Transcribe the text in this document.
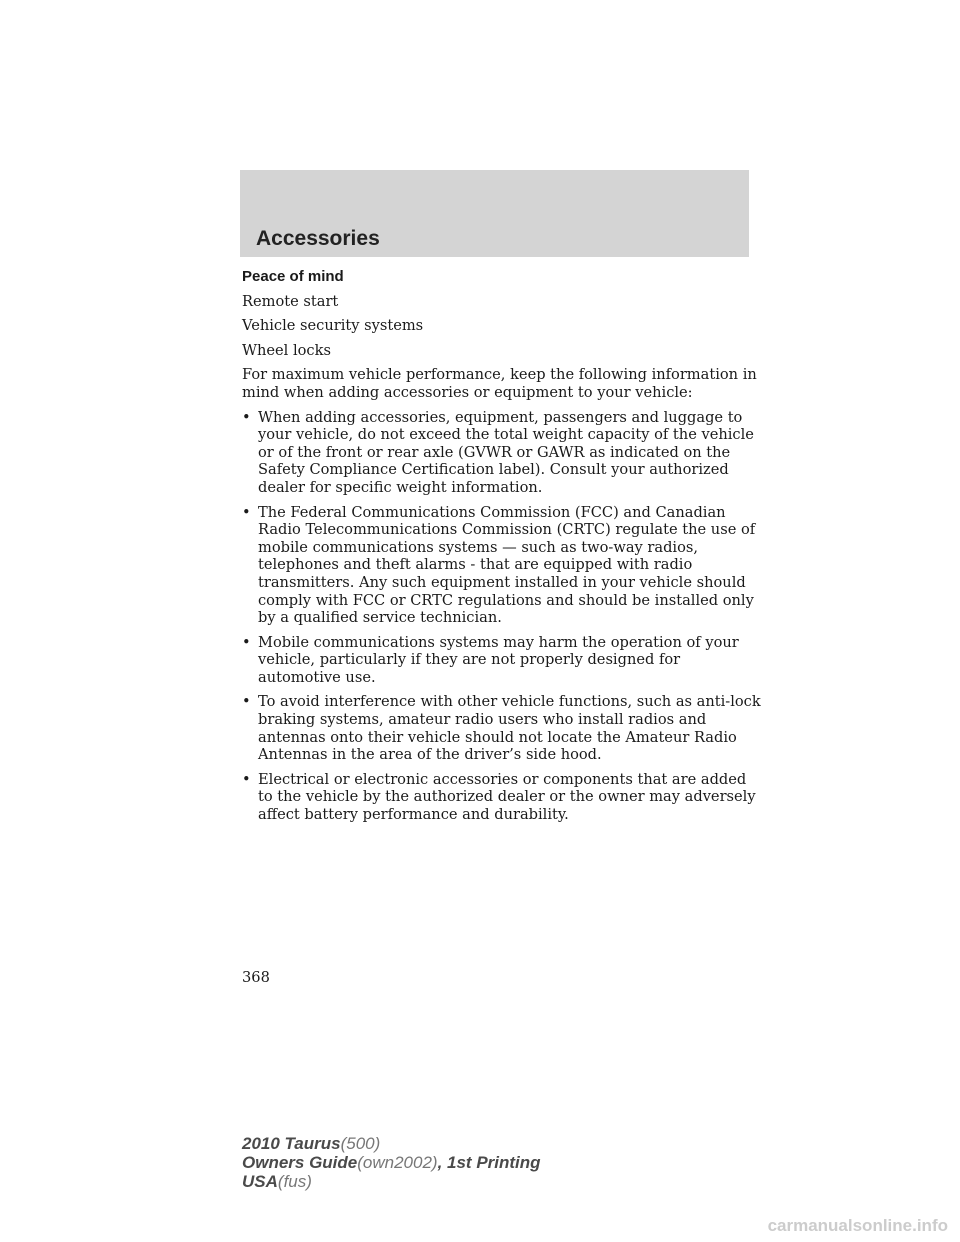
Accessories
Peace of mind
Remote start
Vehicle security systems
Wheel locks
For maximum vehicle performance, keep the following information in mind when adding accessories or equipment to your vehicle:
• When adding accessories, equipment, passengers and luggage to your vehicle, do not exceed the total weight capacity of the vehicle or of the front or rear axle (GVWR or GAWR as indicated on the Safety Compliance Certification label). Consult your authorized dealer for specific weight information.
• The Federal Communications Commission (FCC) and Canadian Radio Telecommunications Commission (CRTC) regulate the use of mobile communications systems — such as two-way radios, telephones and theft alarms - that are equipped with radio transmitters. Any such equipment installed in your vehicle should comply with FCC or CRTC regulations and should be installed only by a qualified service technician.
• Mobile communications systems may harm the operation of your vehicle, particularly if they are not properly designed for automotive use.
• To avoid interference with other vehicle functions, such as anti-lock braking systems, amateur radio users who install radios and antennas onto their vehicle should not locate the Amateur Radio Antennas in the area of the driver’s side hood.
• Electrical or electronic accessories or components that are added to the vehicle by the authorized dealer or the owner may adversely affect battery performance and durability.
368
2010 Taurus(500)
Owners Guide(own2002), 1st Printing
USA(fus)
carmanualsonline.info
